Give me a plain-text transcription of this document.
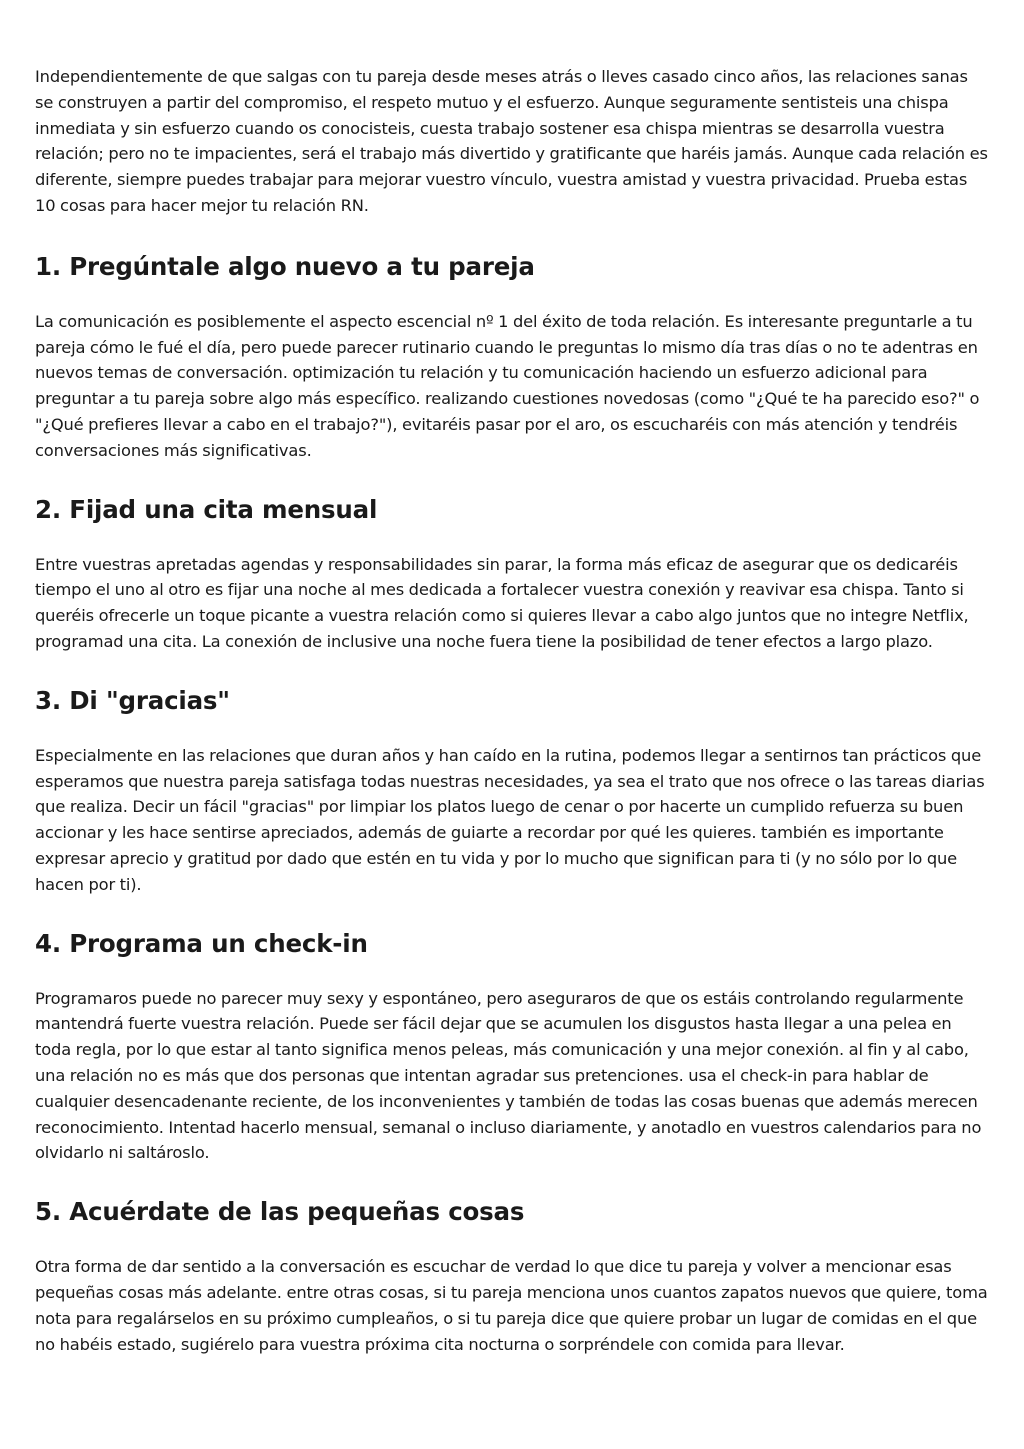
Independientemente de que salgas con tu pareja desde meses atrás o lleves casado cinco años, las relaciones sanas se construyen a partir del compromiso, el respeto mutuo y el esfuerzo. Aunque seguramente sentisteis una chispa inmediata y sin esfuerzo cuando os conocisteis, cuesta trabajo sostener esa chispa mientras se desarrolla vuestra relación; pero no te impacientes, será el trabajo más divertido y gratificante que haréis jamás. Aunque cada relación es diferente, siempre puedes trabajar para mejorar vuestro vínculo, vuestra amistad y vuestra privacidad. Prueba estas 10 cosas para hacer mejor tu relación RN.

1. Pregúntale algo nuevo a tu pareja

La comunicación es posiblemente el aspecto escencial nº 1 del éxito de toda relación. Es interesante preguntarle a tu pareja cómo le fué el día, pero puede parecer rutinario cuando le preguntas lo mismo día tras días o no te adentras en nuevos temas de conversación. optimización tu relación y tu comunicación haciendo un esfuerzo adicional para preguntar a tu pareja sobre algo más específico. realizando cuestiones novedosas (como "¿Qué te ha parecido eso?" o "¿Qué prefieres llevar a cabo en el trabajo?"), evitaréis pasar por el aro, os escucharéis con más atención y tendréis conversaciones más significativas.

2. Fijad una cita mensual

Entre vuestras apretadas agendas y responsabilidades sin parar, la forma más eficaz de asegurar que os dedicaréis tiempo el uno al otro es fijar una noche al mes dedicada a fortalecer vuestra conexión y reavivar esa chispa. Tanto si queréis ofrecerle un toque picante a vuestra relación como si quieres llevar a cabo algo juntos que no integre Netflix, programad una cita. La conexión de inclusive una noche fuera tiene la posibilidad de tener efectos a largo plazo.

3. Di "gracias"

Especialmente en las relaciones que duran años y han caído en la rutina, podemos llegar a sentirnos tan prácticos que esperamos que nuestra pareja satisfaga todas nuestras necesidades, ya sea el trato que nos ofrece o las tareas diarias que realiza. Decir un fácil "gracias" por limpiar los platos luego de cenar o por hacerte un cumplido refuerza su buen accionar y les hace sentirse apreciados, además de guiarte a recordar por qué les quieres. también es importante expresar aprecio y gratitud por dado que estén en tu vida y por lo mucho que significan para ti (y no sólo por lo que hacen por ti).

4. Programa un check-in

Programaros puede no parecer muy sexy y espontáneo, pero aseguraros de que os estáis controlando regularmente mantendrá fuerte vuestra relación. Puede ser fácil dejar que se acumulen los disgustos hasta llegar a una pelea en toda regla, por lo que estar al tanto significa menos peleas, más comunicación y una mejor conexión. al fin y al cabo, una relación no es más que dos personas que intentan agradar sus pretenciones. usa el check-in para hablar de cualquier desencadenante reciente, de los inconvenientes y también de todas las cosas buenas que además merecen reconocimiento. Intentad hacerlo mensual, semanal o incluso diariamente, y anotadlo en vuestros calendarios para no olvidarlo ni saltároslo.

5. Acuérdate de las pequeñas cosas

Otra forma de dar sentido a la conversación es escuchar de verdad lo que dice tu pareja y volver a mencionar esas pequeñas cosas más adelante. entre otras cosas, si tu pareja menciona unos cuantos zapatos nuevos que quiere, toma nota para regalárselos en su próximo cumpleaños, o si tu pareja dice que quiere probar un lugar de comidas en el que no habéis estado, sugiérelo para vuestra próxima cita nocturna o sorpréndele con comida para llevar.
